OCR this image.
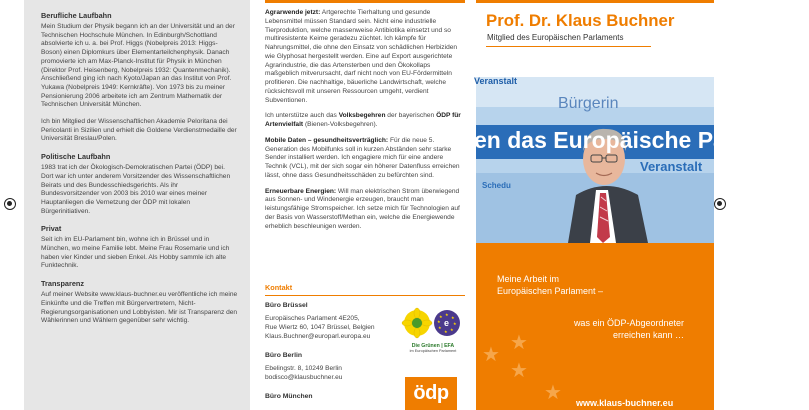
Berufliche Laufbahn

Mein Studium der Physik begann ich an der Universität und an der Technischen Hochschule München. In Edinburgh/Schottland absolvierte ich u. a. bei Prof. Higgs (Nobelpreis 2013: Higgs-Boson) einen Diplomkurs über Elementarteilchenphysik. Danach promovierte ich am Max-Planck-Institut für Physik in München (Direktor Prof. Heisenberg, Nobelpreis 1932: Quantenmechanik). Anschließend ging ich nach Kyoto/Japan an das Institut von Prof. Yukawa (Nobelpreis 1949: Kernkräfte). Von 1973 bis zu meiner Pensionierung 2006 arbeitete ich am Zentrum Mathematik der Technischen Universität München.

Ich bin Mitglied der Wissenschaftlichen Akademie Peloritana dei Pericolanti in Sizilien und erhielt die Goldene Verdienstmedaille der Universität Breslau/Polen.

Politische Laufbahn

1983 trat ich der Ökologisch-Demokratischen Partei (ÖDP) bei. Dort war ich unter anderem Vorsitzender des Wissenschaftlichen Beirats und des Bundesschiedsgerichts. Als ihr Bundesvorsitzender von 2003 bis 2010 war eines meiner Hauptanliegen die Vernetzung der ÖDP mit lokalen Bürgerinitiativen.

Privat

Seit ich im EU-Parlament bin, wohne ich in Brüssel und in München, wo meine Familie lebt. Meine Frau Rosemarie und ich haben vier Kinder und sieben Enkel. Als Hobby sammle ich alte Funktechnik.

Transparenz

Auf meiner Website www.klaus-buchner.eu veröffentliche ich meine Einkünfte und die Treffen mit Bürgervertretern, Nicht-Regierungsorganisationen und Lobbyisten. Mir ist Transparenz den Wählerinnen und Wählern gegenüber sehr wichtig.

Agrarwende jetzt: Artgerechte Tierhaltung und gesunde Lebensmittel müssen Standard sein. Nicht eine industrielle Tierproduktion, welche massenweise Antibiotika einsetzt und so multiresistente Keime geradezu züchtet. Ich kämpfe für Nahrungsmittel, die ohne den Einsatz von schädlichen Herbiziden wie Glyphosat hergestellt werden. Eine auf Export ausgerichtete Agrarindustrie, die das Artensterben und den Ökokollaps maßgeblich mitverursacht, darf nicht noch von EU-Fördermitteln profitieren. Die nachhaltige, bäuerliche Landwirtschaft, welche rücksichtsvoll mit unseren Ressourcen umgeht, verdient Subventionen.

Ich unterstütze auch das Volksbegehren der bayerischen ÖDP für Artenvielfalt (Bienen-Volksbegehren).

Mobile Daten – gesundheitsverträglich: Für die neue 5. Generation des Mobilfunks soll in kurzen Abständen sehr starke Sender installiert werden. Ich engagiere mich für eine andere Technik (VCL), mit der sich sogar ein höherer Datenfluss erreichen lässt, ohne dass Gesundheitsschäden zu befürchten sind.

Erneuerbare Energien: Will man elektrischen Strom überwiegend aus Sonnen- und Windenergie erzeugen, braucht man leistungsfähige Stromspeicher. Ich setze mich für Technologien auf der Basis von Wasserstoff/Methan ein, welche die Energiewende erheblich beschleunigen werden.

Kontakt
Büro Brüssel
Europäisches Parlament 4E205,
Rue Wiertz 60, 1047 Brüssel, Belgien
Klaus.Buchner@europarl.europa.eu
Büro Berlin
Ebelingstr. 8, 10249 Berlin
bodisco@klausbuchner.eu
Büro München
★
★
★
★
★
★
★
★
e
Die Grünen | EFA
im Europäischen Parlament
ödp
Prof. Dr. Klaus Buchner
Mitglied des Europäischen Parlaments
Veranstalt
Bürgerin
en das Europäische Parlament
Veranstalt
Schedu
Meine Arbeit im
Europäischen Parlament –
was ein ÖDP-Abgeordneter
erreichen kann …
★
★
★
★ www.klaus-buchner.eu
